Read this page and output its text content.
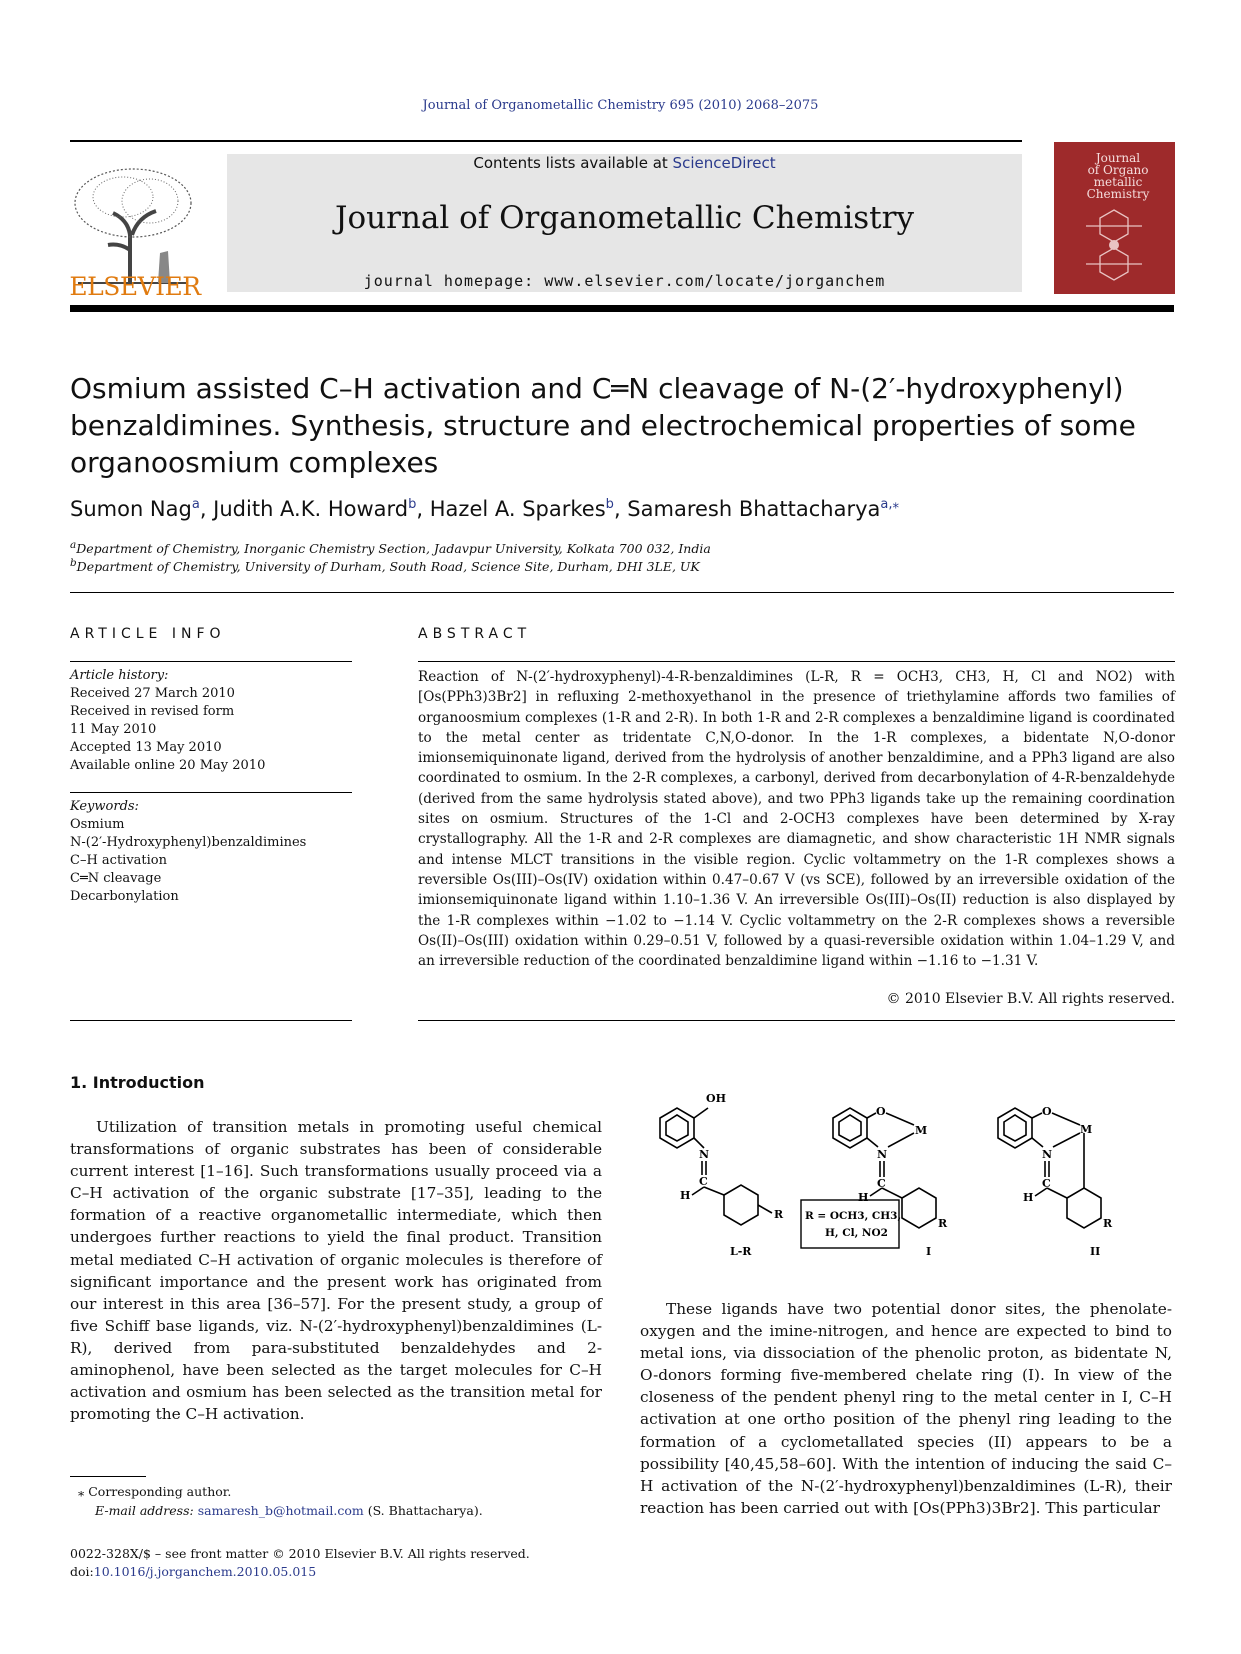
Journal of Organometallic Chemistry 695 (2010) 2068–2075
ELSEVIER
Contents lists available at ScienceDirect
Journal of Organometallic Chemistry
journal homepage: www.elsevier.com/locate/jorganchem
Journal
of Organo
metallic
Chemistry
Osmium assisted C–H activation and C═N cleavage of N-(2′-hydroxyphenyl) benzaldimines. Synthesis, structure and electrochemical properties of some organoosmium complexes
Sumon Nag$^a$, Judith A.K. Howard$^b$, Hazel A. Sparkes$^b$, Samaresh Bhattacharya$^{a,⁎}$
$^a$Department of Chemistry, Inorganic Chemistry Section, Jadavpur University, Kolkata 700 032, India
$^b$Department of Chemistry, University of Durham, South Road, Science Site, Durham, DHI 3LE, UK
ARTICLE INFO
Article history:
Received 27 March 2010
Received in revised form
11 May 2010
Accepted 13 May 2010
Available online 20 May 2010
Keywords:
Osmium
N-(2′-Hydroxyphenyl)benzaldimines
C–H activation
C═N cleavage
Decarbonylation
ABSTRACT
Reaction of N-(2′-hydroxyphenyl)-4-R-benzaldimines (L-R, R = OCH3, CH3, H, Cl and NO2) with [Os(PPh3)3Br2] in refluxing 2-methoxyethanol in the presence of triethylamine affords two families of organoosmium complexes (1-R and 2-R). In both 1-R and 2-R complexes a benzaldimine ligand is coordinated to the metal center as tridentate C,N,O-donor. In the 1-R complexes, a bidentate N,O-donor imionsemiquinonate ligand, derived from the hydrolysis of another benzaldimine, and a PPh3 ligand are also coordinated to osmium. In the 2-R complexes, a carbonyl, derived from decarbonylation of 4-R-benzaldehyde (derived from the same hydrolysis stated above), and two PPh3 ligands take up the remaining coordination sites on osmium. Structures of the 1-Cl and 2-OCH3 complexes have been determined by X-ray crystallography. All the 1-R and 2-R complexes are diamagnetic, and show characteristic 1H NMR signals and intense MLCT transitions in the visible region. Cyclic voltammetry on the 1-R complexes shows a reversible Os(III)–Os(IV) oxidation within 0.47–0.67 V (vs SCE), followed by an irreversible oxidation of the imionsemiquinonate ligand within 1.10–1.36 V. An irreversible Os(III)–Os(II) reduction is also displayed by the 1-R complexes within −1.02 to −1.14 V. Cyclic voltammetry on the 2-R complexes shows a reversible Os(II)–Os(III) oxidation within 0.29–0.51 V, followed by a quasi-reversible oxidation within 1.04–1.29 V, and an irreversible reduction of the coordinated benzaldimine ligand within −1.16 to −1.31 V.
© 2010 Elsevier B.V. All rights reserved.
1. Introduction
Utilization of transition metals in promoting useful chemical transformations of organic substrates has been of considerable current interest [1–16]. Such transformations usually proceed via a C–H activation of the organic substrate [17–35], leading to the formation of a reactive organometallic intermediate, which then undergoes further reactions to yield the final product. Transition metal mediated C–H activation of organic molecules is therefore of significant importance and the present work has originated from our interest in this area [36–57]. For the present study, a group of five Schiff base ligands, viz. N-(2′-hydroxyphenyl)benzaldimines (L-R), derived from para-substituted benzaldehydes and 2-aminophenol, have been selected as the target molecules for C–H activation and osmium has been selected as the transition metal for promoting the C–H activation.
OH
N
C
H
R
O
M
N
C
H
R
O
M
N
C
H
R
R = OCH3, CH3,
H, Cl, NO2
L-R	I	II
These ligands have two potential donor sites, the phenolate-oxygen and the imine-nitrogen, and hence are expected to bind to metal ions, via dissociation of the phenolic proton, as bidentate N, O-donors forming five-membered chelate ring (I). In view of the closeness of the pendent phenyl ring to the metal center in I, C–H activation at one ortho position of the phenyl ring leading to the formation of a cyclometallated species (II) appears to be a possibility [40,45,58–60]. With the intention of inducing the said C–H activation of the N-(2′-hydroxyphenyl)benzaldimines (L-R), their reaction has been carried out with [Os(PPh3)3Br2]. This particular
⁎ Corresponding author.
E-mail address: samaresh_b@hotmail.com (S. Bhattacharya).
0022-328X/$ – see front matter © 2010 Elsevier B.V. All rights reserved.
doi:10.1016/j.jorganchem.2010.05.015
